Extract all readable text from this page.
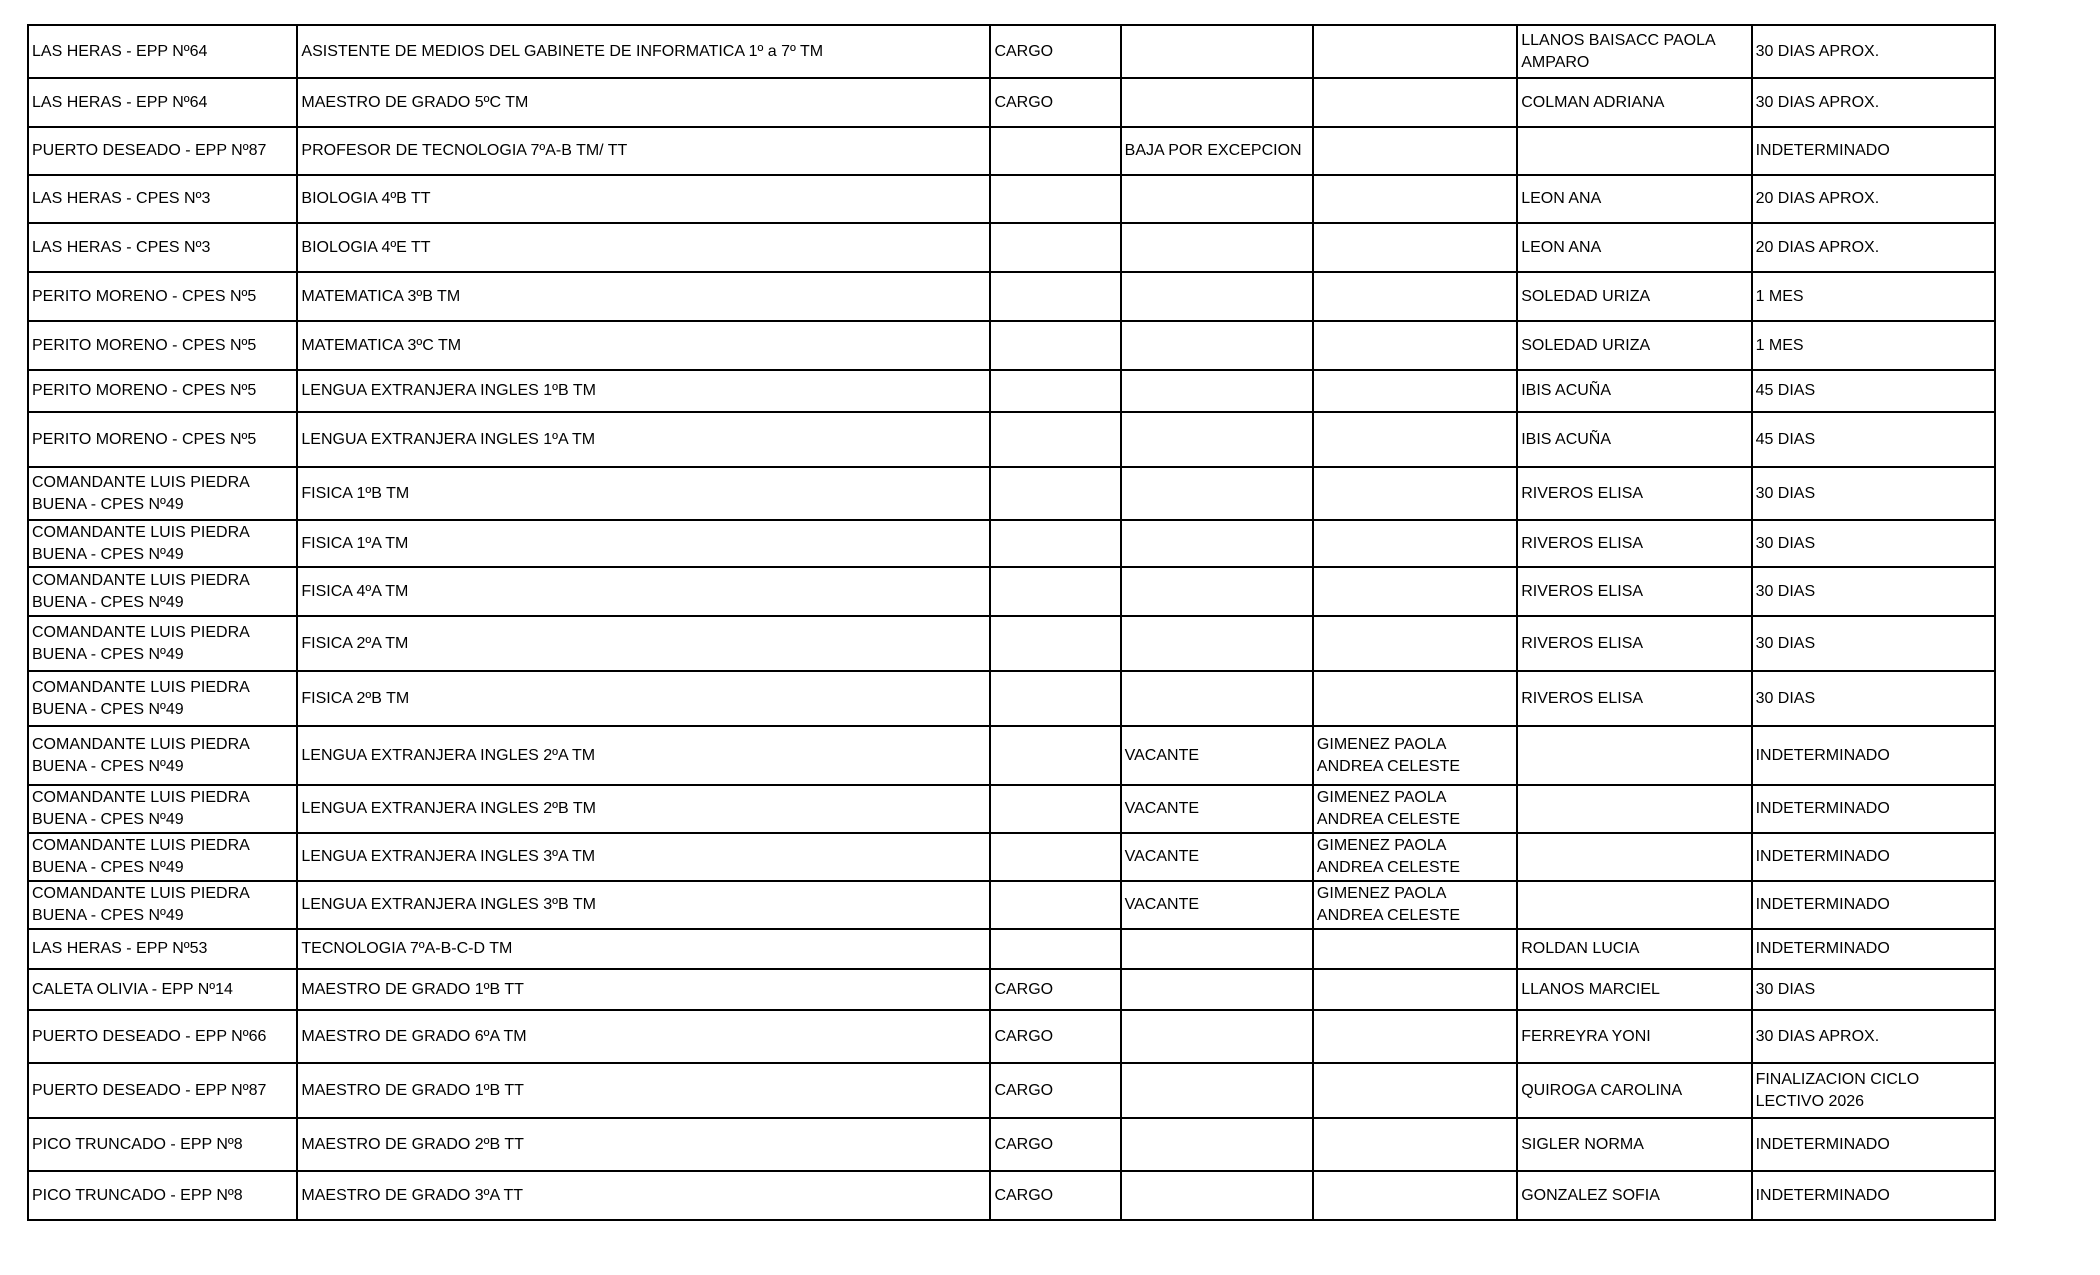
LAS HERAS - EPP Nº64	ASISTENTE DE MEDIOS DEL GABINETE DE INFORMATICA 1º a 7º TM	CARGO			LLANOS BAISACC PAOLA AMPARO	30 DIAS APROX.
LAS HERAS - EPP Nº64	MAESTRO DE GRADO 5ºC TM	CARGO			COLMAN ADRIANA	30 DIAS APROX.
PUERTO DESEADO - EPP Nº87	PROFESOR DE TECNOLOGIA 7ºA-B TM/ TT		BAJA POR EXCEPCION			INDETERMINADO
LAS HERAS - CPES Nº3	BIOLOGIA 4ºB TT				LEON ANA	20 DIAS APROX.
LAS HERAS - CPES Nº3	BIOLOGIA 4ºE TT				LEON ANA	20 DIAS APROX.
PERITO MORENO - CPES Nº5	MATEMATICA 3ºB TM				SOLEDAD URIZA	1 MES
PERITO MORENO - CPES Nº5	MATEMATICA 3ºC TM				SOLEDAD URIZA	1 MES
PERITO MORENO - CPES Nº5	LENGUA EXTRANJERA INGLES 1ºB TM				IBIS ACUÑA	45 DIAS
PERITO MORENO - CPES Nº5	LENGUA EXTRANJERA INGLES 1ºA TM				IBIS ACUÑA	45 DIAS
COMANDANTE LUIS PIEDRA BUENA - CPES Nº49	FISICA 1ºB TM				RIVEROS ELISA	30 DIAS
COMANDANTE LUIS PIEDRA BUENA - CPES Nº49	FISICA 1ºA TM				RIVEROS ELISA	30 DIAS
COMANDANTE LUIS PIEDRA BUENA - CPES Nº49	FISICA 4ºA TM				RIVEROS ELISA	30 DIAS
COMANDANTE LUIS PIEDRA BUENA - CPES Nº49	FISICA 2ºA TM				RIVEROS ELISA	30 DIAS
COMANDANTE LUIS PIEDRA BUENA - CPES Nº49	FISICA 2ºB TM				RIVEROS ELISA	30 DIAS
COMANDANTE LUIS PIEDRA BUENA - CPES Nº49	LENGUA EXTRANJERA INGLES 2ºA TM		VACANTE	GIMENEZ PAOLA ANDREA CELESTE		INDETERMINADO
COMANDANTE LUIS PIEDRA BUENA - CPES Nº49	LENGUA EXTRANJERA INGLES 2ºB TM		VACANTE	GIMENEZ PAOLA ANDREA CELESTE		INDETERMINADO
COMANDANTE LUIS PIEDRA BUENA - CPES Nº49	LENGUA EXTRANJERA INGLES 3ºA TM		VACANTE	GIMENEZ PAOLA ANDREA CELESTE		INDETERMINADO
COMANDANTE LUIS PIEDRA BUENA - CPES Nº49	LENGUA EXTRANJERA INGLES 3ºB TM		VACANTE	GIMENEZ PAOLA ANDREA CELESTE		INDETERMINADO
LAS HERAS - EPP Nº53	TECNOLOGIA 7ºA-B-C-D TM				ROLDAN LUCIA	INDETERMINADO
CALETA OLIVIA - EPP Nº14	MAESTRO DE GRADO 1ºB TT	CARGO			LLANOS MARCIEL	30 DIAS
PUERTO DESEADO - EPP Nº66	MAESTRO DE GRADO 6ºA TM	CARGO			FERREYRA YONI	30 DIAS APROX.
PUERTO DESEADO - EPP Nº87	MAESTRO DE GRADO 1ºB TT	CARGO			QUIROGA CAROLINA	FINALIZACION CICLO LECTIVO 2026
PICO TRUNCADO - EPP Nº8	MAESTRO DE GRADO 2ºB TT	CARGO			SIGLER NORMA	INDETERMINADO
PICO TRUNCADO - EPP Nº8	MAESTRO DE GRADO 3ºA TT	CARGO			GONZALEZ SOFIA	INDETERMINADO
